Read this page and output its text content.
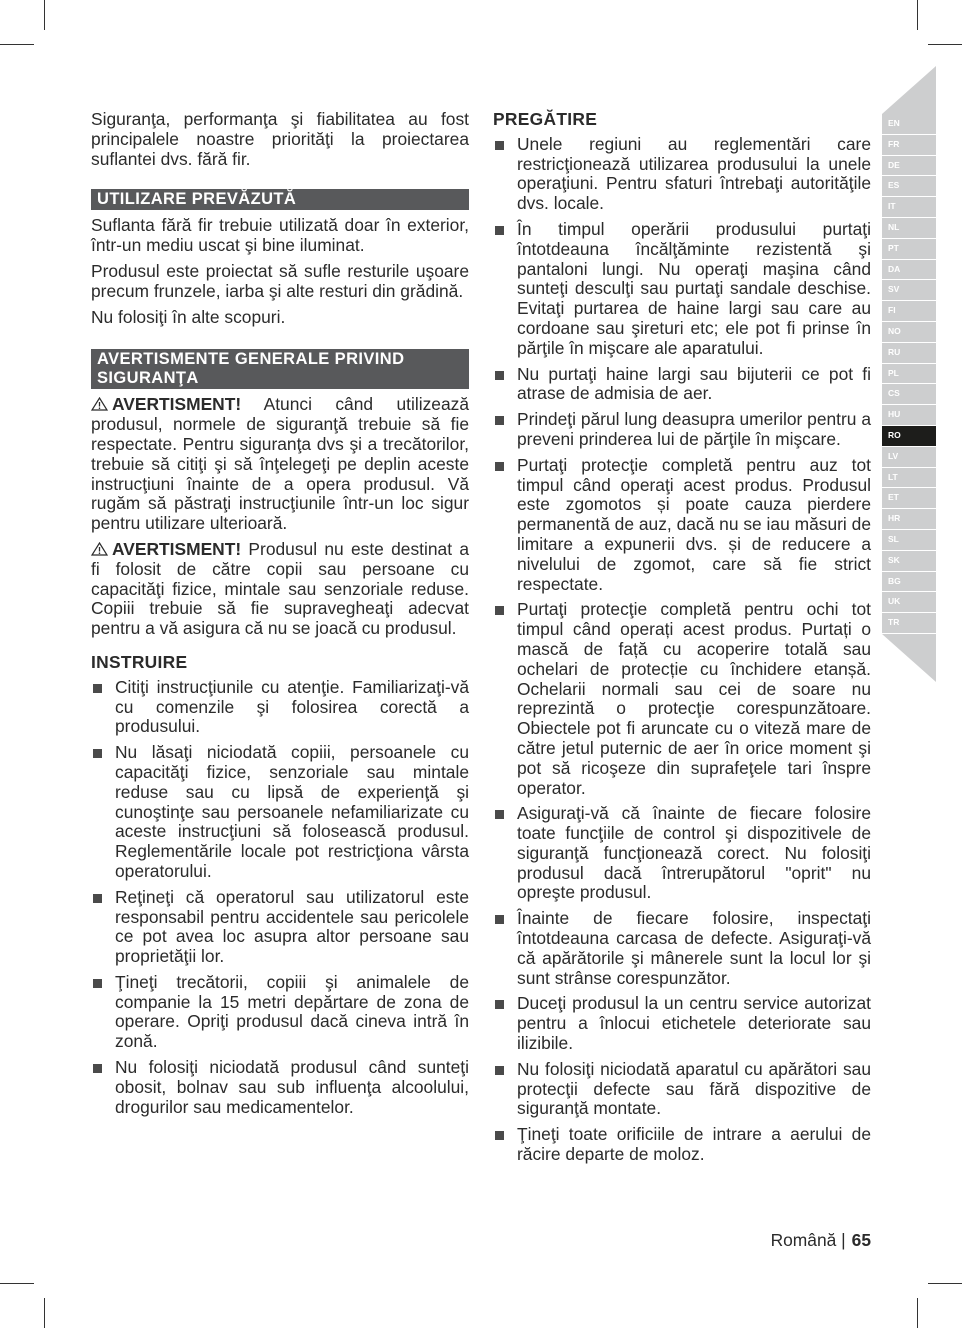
Siguranţa, performanţa şi fiabilitatea au fost principalele noastre priorităţi la proiectarea suflantei dvs. fără fir.

UTILIZARE PREVĂZUTĂ

Suflanta fără fir trebuie utilizată doar în exterior, într-un mediu uscat şi bine iluminat.

Produsul este proiectat să sufle resturile uşoare precum frunzele, iarba şi alte resturi din grădină.

Nu folosiţi în alte scopuri.

AVERTISMENTE GENERALE PRIVIND SIGURANŢA

AVERTISMENT! Atunci când utilizează produsul, normele de siguranţă trebuie să fie respectate. Pentru siguranţa dvs şi a trecătorilor, trebuie să citiţi şi să înţelegeţi pe deplin aceste instrucţiuni înainte de a opera produsul. Vă rugăm să păstraţi instrucţiunile într-un loc sigur pentru utilizare ulterioară.

AVERTISMENT! Produsul nu este destinat a fi folosit de către copii sau persoane cu capacităţi fizice, mintale sau senzoriale reduse. Copiii trebuie să fie supravegheaţi adecvat pentru a vă asigura că nu se joacă cu produsul.

INSTRUIRE
Citiţi instrucţiunile cu atenţie. Familiarizaţi-vă cu comenzile şi folosirea corectă a produsului.
Nu lăsaţi niciodată copiii, persoanele cu capacităţi fizice, senzoriale sau mintale reduse sau cu lipsă de experienţă şi cunoştinţe sau persoanele nefamiliarizate cu aceste instrucţiuni să folosească produsul. Reglementările locale pot restricţiona vârsta operatorului.
Reţineţi că operatorul sau utilizatorul este responsabil pentru accidentele sau pericolele ce pot avea loc asupra altor persoane sau proprietăţii lor.
Ţineţi trecătorii, copiii şi animalele de companie la 15 metri depărtare de zona de operare. Opriţi produsul dacă cineva intră în zonă.
Nu folosiţi niciodată produsul când sunteţi obosit, bolnav sau sub influenţa alcoolului, drogurilor sau medicamentelor.
PREGĂTIRE
Unele regiuni au reglementări care restricţionează utilizarea produsului la unele operaţiuni. Pentru sfaturi întrebaţi autorităţile dvs. locale.
În timpul operării produsului purtaţi întotdeauna încălţăminte rezistentă şi pantaloni lungi. Nu operaţi maşina când sunteţi desculţi sau purtaţi sandale deschise. Evitaţi purtarea de haine largi sau care au cordoane sau şireturi etc; ele pot fi prinse în părţile în mişcare ale aparatului.
Nu purtaţi haine largi sau bijuterii ce pot fi atrase de admisia de aer.
Prindeţi părul lung deasupra umerilor pentru a preveni prinderea lui de părţile în mişcare.
Purtaţi protecţie completă pentru auz tot timpul când operaţi acest produs. Produsul este zgomotos și poate cauza pierdere permanentă de auz, dacă nu se iau măsuri de limitare a expunerii dvs. și de reducere a nivelului de zgomot, care să fie strict respectate.
Purtaţi protecţie completă pentru ochi tot timpul când operați acest produs. Purtați o mască de față cu acoperire totală sau ochelari de protecție cu închidere etanșă. Ochelarii normali sau cei de soare nu reprezintă o protecţie corespunzătoare. Obiectele pot fi aruncate cu o viteză mare de către jetul puternic de aer în orice moment şi pot să ricoşeze din suprafeţele tari înspre operator.
Asiguraţi-vă că înainte de fiecare folosire toate funcţiile de control şi dispozitivele de siguranţă funcţionează corect. Nu folosiţi produsul dacă întrerupătorul "oprit" nu opreşte produsul.
Înainte de fiecare folosire, inspectaţi întotdeauna carcasa de defecte. Asiguraţi-vă că apărătorile şi mânerele sunt la locul lor şi sunt strânse corespunzător.
Duceţi produsul la un centru service autorizat pentru a înlocui etichetele deteriorate sau ilizibile.
Nu folosiţi niciodată aparatul cu apărători sau protecţii defecte sau fără dispozitive de siguranţă montate.
Ţineţi toate orificiile de intrare a aerului de răcire departe de moloz.
EN
FR
DE
ES
IT
NL
PT
DA
SV
FI
NO
RU
PL
CS
HU
RO
LV
LT
ET
HR
SL
SK
BG
UK
TR
Română | 65
